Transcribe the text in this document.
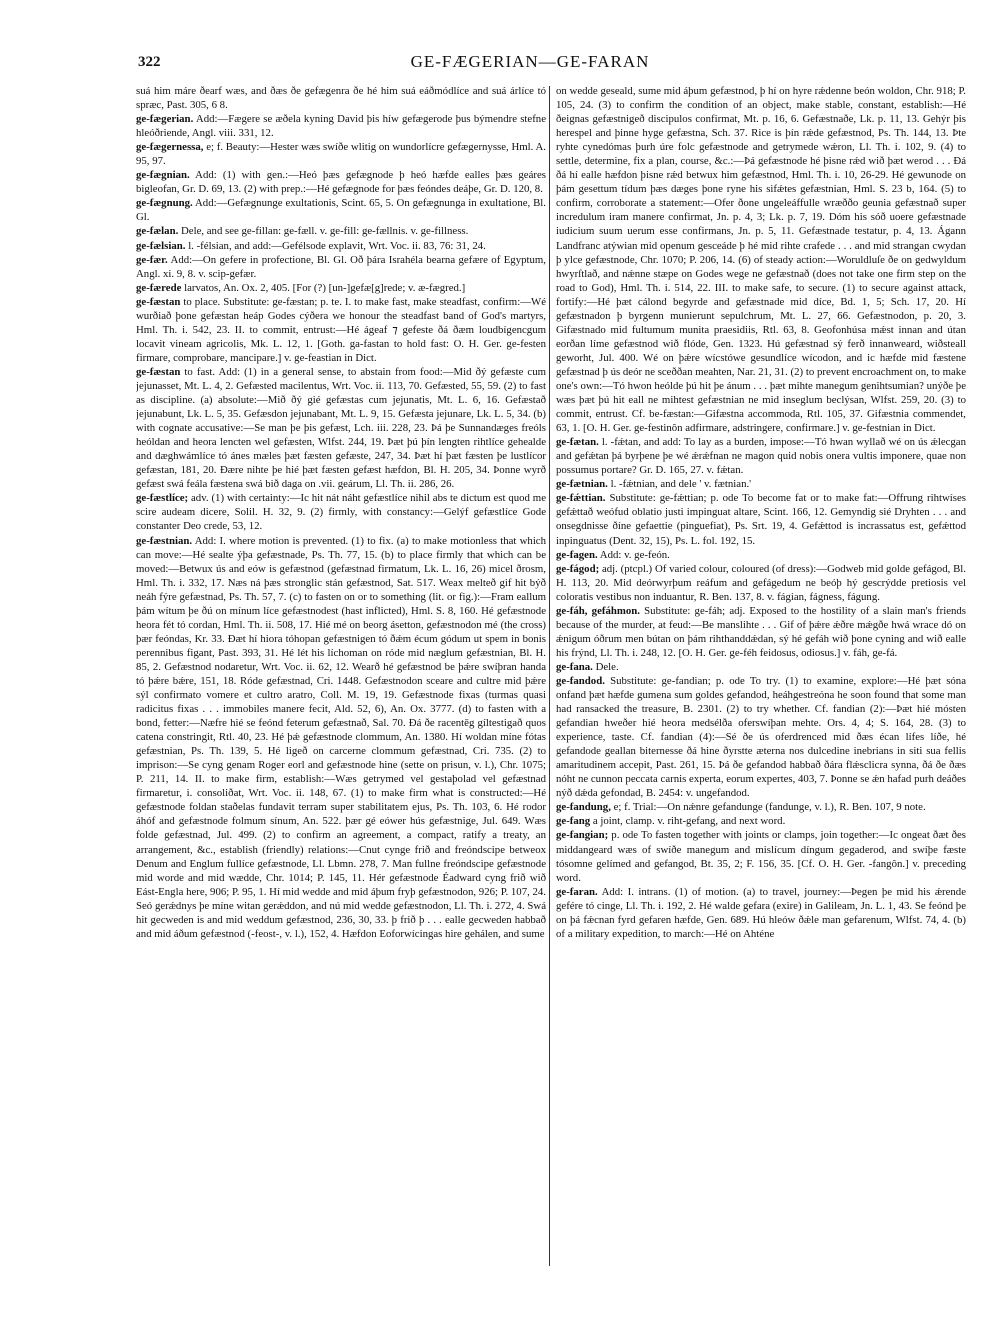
322	GE-FÆGERIAN—GE-FARAN

suá him máre ðearf wæs, and ðæs ðe gefægenra ðe hé him suá eáðmódlíce and suá árlíce tó spræc, Past. 305, 6 8.

ge-fægerian. Add:—Fægere se æðela kyning David þis híw gefægerode þus býmendre stefne hleóðriende, Angl. viii. 331, 12.

ge-fægernessa, e; f. Beauty:—Hester wæs swíðe wlitig on wundorlícre gefægernysse, Hml. A. 95, 97.

ge-fægnian. Add: (1) with gen.:—Heó þæs gefægnode þ heó hæfde ealles þæs geáres bigleofan, Gr. D. 69, 13. (2) with prep.:—Hé gefægnode for þæs feóndes deáþe, Gr. D. 120, 8.

ge-fægnung. Add:—Gefægnunge exultationis, Scint. 65, 5. On gefægnunga in exultatione, Bl. Gl.

ge-fælan. Dele, and see ge-fillan: ge-fæll. v. ge-fill: ge-fællnis. v. ge-fillness.

ge-fælsian. l. -félsian, and add:—Gefélsode explavit, Wrt. Voc. ii. 83, 76: 31, 24.

ge-fær. Add:—On gefere in profectione, Bl. Gl. Oð þára Israhéla bearna gefære of Egyptum, Angl. xi. 9, 8. v. scip-gefær.

ge-færede larvatos, An. Ox. 2, 405. [For (?) [un-]gefæ[g]rede; v. æ-fægred.]

ge-fæstan to place. Substitute: ge-fæstan; p. te. I. to make fast, make steadfast, confirm:—Wé wurðiað þone gefæstan heáp Godes cýðera we honour the steadfast band of God's martyrs, Hml. Th. i. 542, 23. II. to commit, entrust:—Hé ágeaf ⁊ gefeste ðá ðæm loudbígencgum locavit vineam agricolis, Mk. L. 12, 1. [Goth. ga-fastan to hold fast: O. H. Ger. ge-festen firmare, comprobare, mancipare.] v. ge-feastian in Dict.

ge-fæstan to fast. Add: (1) in a general sense, to abstain from food:—Mid ðý gefæste cum jejunasset, Mt. L. 4, 2. Gefæsted macilentus, Wrt. Voc. ii. 113, 70. Gefæsted, 55, 59. (2) to fast as discipline. (a) absolute:—Mið ðý gié gefæstas cum jejunatis, Mt. L. 6, 16. Gefæstað jejunabunt, Lk. L. 5, 35. Gefæsdon jejunabant, Mt. L. 9, 15. Gefæsta jejunare, Lk. L. 5, 34. (b) with cognate accusative:—Se man þe þis gefæst, Lch. iii. 228, 23. Þá þe Sunnandæges freóls heóldan and heora lencten wel gefæsten, Wlfst. 244, 19. Þæt þú þín lengten rihtlíce gehealde and dæghwámlíce tó ánes mæles þæt fæsten gefæste, 247, 34. Þæt hí þæt fæsten þe lustlícor gefæstan, 181, 20. Ðære nihte þe hié þæt fæsten gefæst hæfdon, Bl. H. 205, 34. Þonne wyrð gefæst swá feála fæstena swá bið daga on .vii. geárum, Ll. Th. ii. 286, 26.

ge-fæstlíce; adv. (1) with certainty:—Ic hit nát náht gefæstlíce nihil abs te dictum est quod me scire audeam dicere, Solil. H. 32, 9. (2) firmly, with constancy:—Gelýf gefæstlíce Gode constanter Deo crede, 53, 12.

ge-fæstnian. Add: I. where motion is prevented. (1) to fix. (a) to make motionless that which can move:—Hé sealte ýþa gefæstnade, Ps. Th. 77, 15. (b) to place firmly that which can be moved:—Betwux ús and eów is gefæstnod (gefæstnad firmatum, Lk. L. 16, 26) micel ðrosm, Hml. Th. i. 332, 17. Næs ná þæs stronglic stán gefæstnod, Sat. 517. Weax melteð gif hit býð neáh fýre gefæstnad, Ps. Th. 57, 7. (c) to fasten on or to something (lit. or fig.):—Fram eallum þám wítum þe ðú on mínum líce gefæstnodest (hast inflicted), Hml. S. 8, 160. Hé gefæstnode heora fét tó cordan, Hml. Th. ii. 508, 17. Hié mé on beorg ásetton, gefæstnodon mé (the cross) þær feóndas, Kr. 33. Ðæt hí hiora tóhopan gefæstnigen tó ðǽm écum gódum ut spem in bonis perennibus figant, Past. 393, 31. Hé lét his líchoman on róde mid næglum gefæstnian, Bl. H. 85, 2. Gefæstnod nodaretur, Wrt. Voc. ii. 62, 12. Wearð hé gefæstnod be þǽre swíþran handa tó þǽre bǽre, 151, 18. Róde gefæstnad, Cri. 1448. Gefæstnodon sceare and cultre mid þǽre sýl confirmato vomere et cultro aratro, Coll. M. 19, 19. Gefæstnode fixas (turmas quasi radicitus fixas . . . immobiles manere fecit, Ald. 52, 6), An. Ox. 3777. (d) to fasten with a bond, fetter:—Næfre hié se feónd feterum gefæstnað, Sal. 70. Ðá ðe racentēg gíltestigað quos catena constringit, Rtl. 40, 23. Hé þǽ gefæstnode clommum, An. 1380. Hí woldan míne fótas gefæstnian, Ps. Th. 139, 5. Hé ligeð on carcerne clommum gefæstnad, Cri. 735. (2) to imprison:—Se cyng genam Roger eorl and gefæstnode hine (sette on prisun, v. l.), Chr. 1075; P. 211, 14. II. to make firm, establish:—Wæs getrymed vel gestaþolad vel gefæstnad firmaretur, i. consoliðat, Wrt. Voc. ii. 148, 67. (1) to make firm what is constructed:—Hé gefæstnode foldan staðelas fundavit terram super stabilitatem ejus, Ps. Th. 103, 6. Hé rodor áhóf and gefæstnode folmum sínum, An. 522. þær gé eówer hús gefæstnige, Jul. 649. Wæs folde gefæstnad, Jul. 499. (2) to confirm an agreement, a compact, ratify a treaty, an arrangement, &c., establish (friendly) relations:—Cnut cynge frið and freóndscipe betweox Denum and Englum fullíce gefæstnode, Ll. Lbmn. 278, 7. Man fullne freóndscipe gefæstnode mid worde and mid wædde, Chr. 1014; P. 145, 11. Hér gefæstnode Éadward cyng frið wið Eást-Engla here, 906; P. 95, 1. Hí mid wedde and mid áþum fryþ gefæstnodon, 926; P. 107, 24. Seó gerǽdnys þe míne witan gerǽddon, and nú mid wedde gefæstnodon, Ll. Th. i. 272, 4. Swá hit gecweden is and mid weddum gefæstnod, 236, 30, 33. þ frið þ . . . ealle gecweden habbað and mid áðum gefæstnod (-feost-, v. l.), 152, 4. Hæfdon Eoforwícingas hire gehálen, and sume

on wedde geseald, sume mid áþum gefæstnod, þ hí on hyre rǽdenne beón woldon, Chr. 918; P. 105, 24. (3) to confirm the condition of an object, make stable, constant, establish:—Hé ðeignas gefæstnigeð discipulos confirmat, Mt. p. 16, 6. Gefæstnaðe, Lk. p. 11, 13. Gehýr þis herespel and þinne hyge gefæstna, Sch. 37. Rice is þín rǽde gefæstnod, Ps. Th. 144, 13. Þte ryhte cynedómas þurh úre folc gefæstnode and getrymede wǽron, Ll. Th. i. 102, 9. (4) to settle, determine, fix a plan, course, &c.:—Þá gefæstnode hé þisne rǽd wið þæt werod . . . Ðá ðá hí ealle hæfdon þisne rǽd betwux him gefæstnod, Hml. Th. i. 10, 26-29. Hé gewunode on þám gesettum tídum þæs dæges þone ryne his sifǽtes gefæstnian, Hml. S. 23 b, 164. (5) to confirm, corroborate a statement:—Ofer ðone ungeleáffullе wræððo geunia gefæstnað super incredulum iram manere confirmat, Jn. p. 4, 3; Lk. p. 7, 19. Dóm his sóð uoere gefæstnade iudicium suum uerum esse confirmans, Jn. p. 5, 11. Gefæstnade testatur, p. 4, 13. Ágann Landfranc atýwian mid openum gesceáde þ hé mid rihte crafede . . . and mid strangan cwydan þ ylce gefæstnode, Chr. 1070; P. 206, 14. (6) of steady action:—Woruldluſe ðe on gedwyldum hwyrſtlað, and nǽnne stæpe on Godes wege ne gefæstnað (does not take one firm step on the road to God), Hml. Th. i. 514, 22. III. to make safe, to secure. (1) to secure against attack, fortify:—Hé þæt cálond begyrde and gefæstnade mid díce, Bd. 1, 5; Sch. 17, 20. Hí gefæstnadon þ byrgenn munierunt sepulchrum, Mt. L. 27, 66. Gefæstnodon, p. 20, 3. Gifæstnado mid fultumum munita praesidiis, Rtl. 63, 8. Geofonhúsa mǽst innan and útan eorðan líme gefæstnod wið flóde, Gen. 1323. Hú gefæstnad sý ferð innanweard, wiðsteall geworht, Jul. 400. Wé on þǽre wícstówe gesundlíce wícodon, and ic hæfde mid fæstene gefæstnad þ ús deór ne sceððan meahten, Nar. 21, 31. (2) to prevent encroachment on, to make one's own:—Tó hwon heólde þú hit þe ánum . . . þæt mihte manegum genihtsumian? unýðe þe wæs þæt þú hit eall ne mihtest gefæstnian ne mid inseglum beclýsan, Wlfst. 259, 20. (3) to commit, entrust. Cf. be-fæstan:—Gifæstna accommoda, Rtl. 105, 37. Gifæstnia commendet, 63, 1. [O. H. Ger. ge-festinôn adfirmare, adstringere, confirmare.] v. ge-festnian in Dict.

ge-fætan. l. -fǽtan, and add: To lay as a burden, impose:—Tó hwan wyllað wé on ús ǽlecgan and gefǽtan þá byrþene þe wé ǽrǽfnan ne magon quid nobis onera vultis imponere, quae non possumus portare? Gr. D. 165, 27. v. fǽtan.

ge-fætnian. l. -fǽtnian, and dele ' v. fætnian.'

ge-fǽttian. Substitute: ge-fǽttian; p. ode To become fat or to make fat:—Offrung rihtwíses gefǽttað weófud oblatio justi impinguat altare, Scint. 166, 12. Gemyndig sié Dryhten . . . and onsegdnisse ðíne gefaettie (pinguefiat), Ps. Srt. 19, 4. Gefǽttod is incrassatus est, gefǽttod inpinguatus (Dent. 32, 15), Ps. L. fol. 192, 15.

ge-fagen. Add: v. ge-feón.

ge-fágod; adj. (ptcpl.) Of varied colour, coloured (of dress):—Godweb mid golde gefágod, Bl. H. 113, 20. Mid deórwyrþum reáfum and gefágedum ne beóþ hý gescrýdde pretiosis vel coloratis vestibus non induantur, R. Ben. 137, 8. v. fágian, fágness, fágung.

ge-fáh, gefáhmon. Substitute: ge-fáh; adj. Exposed to the hostility of a slain man's friends because of the murder, at feud:—Be manslihte . . . Gif of þǽre ǽðre mǽgðe hwá wrace dó on ǽnigum óðrum men bútan on þám rihthanddǽdan, sý hé gefáh wið þone cyning and wið ealle his frýnd, Ll. Th. i. 248, 12. [O. H. Ger. ge-féh feidosus, odiosus.] v. fáh, ge-fá.

ge-fana. Dele.

ge-fandod. Substitute: ge-fandian; p. ode To try. (1) to examine, explore:—Hé þæt sóna onfand þæt hæfde gumena sum goldes gefandod, heáhgestreóna he soon found that some man had ransacked the treasure, B. 2301. (2) to try whether. Cf. fandian (2):—Þæt hié mósten gefandian hweðer hié heora medsélða oferswíþan mehte. Ors. 4, 4; S. 164, 28. (3) to experience, taste. Cf. fandian (4):—Sé ðe ús oferdrenced mid ðæs écan lífes líðe, hé gefandode geallan biternesse ðá hine ðyrstte æterna nos dulcedine inebrians in siti sua fellis amaritudinem accepit, Past. 261, 15. Þá ðe gefandod habbað ðára flǽsclicra synna, ðá ðe ðæs nóht ne cunnon peccata carnis experta, eorum expertes, 403, 7. Þonne se ǽn hafad purh deáðes nýð dǽda gefondad, B. 2454: v. ungefandod.

ge-fandung, e; f. Trial:—On nǽnre gefandunge (fandunge, v. l.), R. Ben. 107, 9 note.

ge-fang a joint, clamp. v. riht-gefang, and next word.

ge-fangian; p. ode To fasten together with joints or clamps, join together:—Ic ongeat ðæt ðes middangeard wæs of swíðe manegum and mislícum díngum gegaderod, and swíþe fæste tósomne gelímed and gefangod, Bt. 35, 2; F. 156, 35. [Cf. O. H. Ger. -fangôn.] v. preceding word.

ge-faran. Add: I. intrans. (1) of motion. (a) to travel, journey:—Þegen þe mid his ǽrende gefére tó cinge, Ll. Th. i. 192, 2. Hé walde gefara (exire) in Galileam, Jn. L. 1, 43. Se feónd þe on þá fǽcnan fyrd gefaren hæfde, Gen. 689. Hú hleów ðǽle man gefarenum, Wlfst. 74, 4. (b) of a military expedition, to march:—Hé on Ahténe
